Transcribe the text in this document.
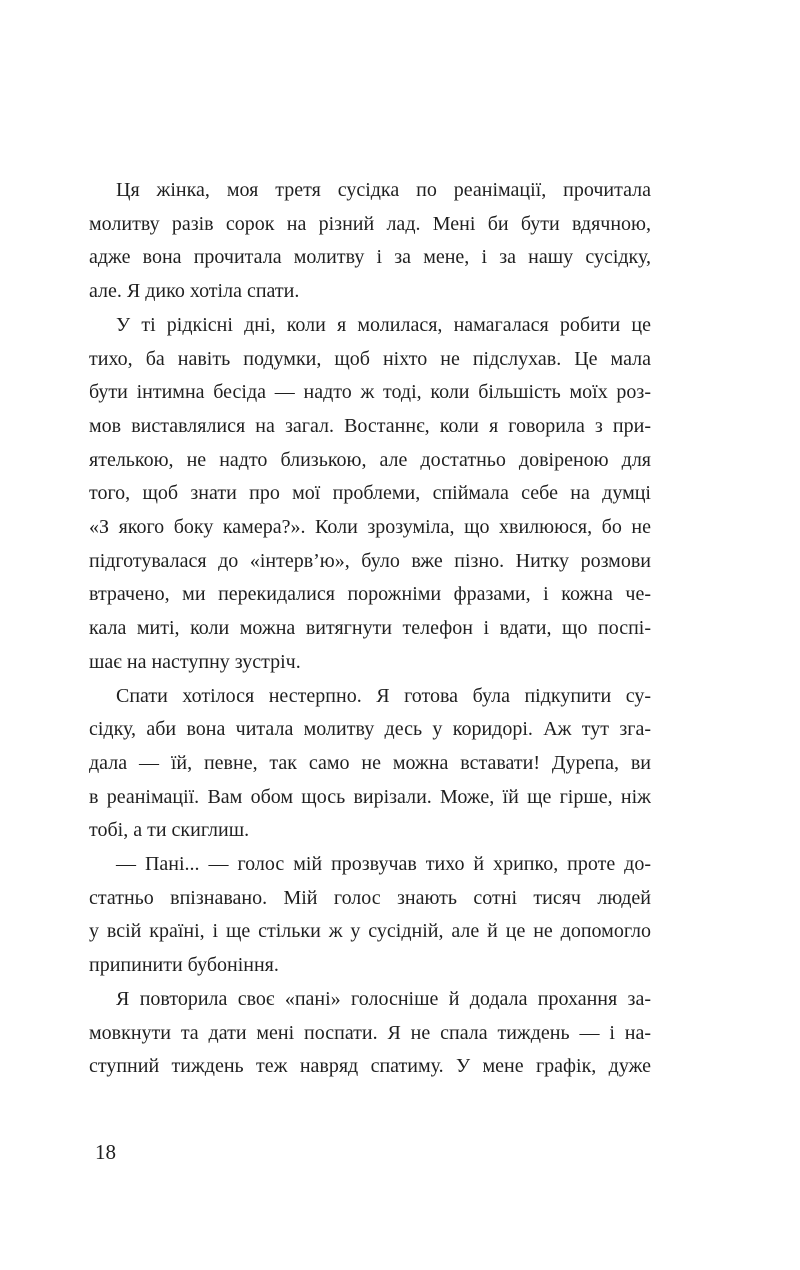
Ця жінка, моя третя сусідка по реанімації, прочитала
молитву разів сорок на різний лад. Мені би бути вдячною,
адже вона прочитала молитву і за мене, і за нашу сусідку,
але. Я дико хотіла спати.

У ті рідкісні дні, коли я молилася, намагалася робити це
тихо, ба навіть подумки, щоб ніхто не підслухав. Це мала
бути інтимна бесіда — надто ж тоді, коли більшість моїх роз-
мов виставлялися на загал. Востаннє, коли я говорила з при-
ятелькою, не надто близькою, але достатньо довіреною для
того, щоб знати про мої проблеми, спіймала себе на думці
«З якого боку камера?». Коли зрозуміла, що хвилююся, бо не
підготувалася до «інтерв’ю», було вже пізно. Нитку розмови
втрачено, ми перекидалися порожніми фразами, і кожна че-
кала миті, коли можна витягнути телефон і вдати, що поспі-
шає на наступну зустріч.

Спати хотілося нестерпно. Я готова була підкупити су-
сідку, аби вона читала молитву десь у коридорі. Аж тут зга-
дала — їй, певне, так само не можна вставати! Дурепа, ви
в реанімації. Вам обом щось вирізали. Може, їй ще гірше, ніж
тобі, а ти скиглиш.

— Пані... — голос мій прозвучав тихо й хрипко, проте до-
статньо впізнавано. Мій голос знають сотні тисяч людей
у всій країні, і ще стільки ж у сусідній, але й це не допомогло
припинити бубоніння.

Я повторила своє «пані» голосніше й додала прохання за-
мовкнути та дати мені поспати. Я не спала тиждень — і на-
ступний тиждень теж навряд спатиму. У мене графік, дуже

18
